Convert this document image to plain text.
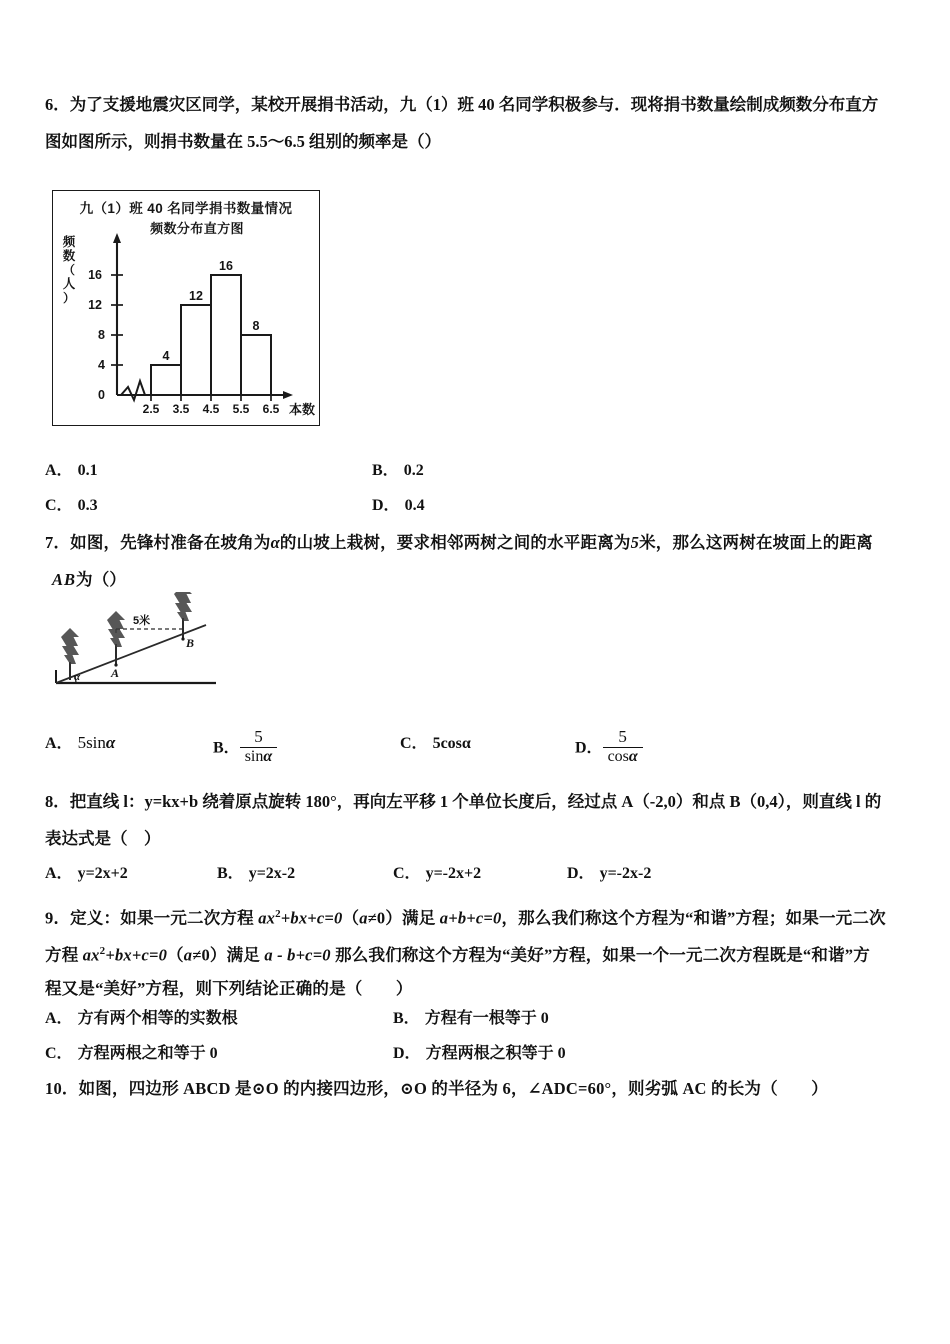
6．为了支援地震灾区同学，某校开展捐书活动，九（1）班 40 名同学积极参与．现将捐书数量绘制成频数分布直方

图如图所示，则捐书数量在 5.5～6.5 组别的频率是（）

九（1）班 40 名同学捐书数量情况
频数分布直方图
频
数
（
人
）
0
4
8
12
16
2.5	3.5	4.5	5.5	6.5 本数
4
12
16
8
A． 0.1	B． 0.2
C． 0.3	D． 0.4
7．如图，先锋村准备在坡角为α的山坡上栽树，要求相邻两树之间的水平距离为5米，那么这两树在坡面上的距离
AB为（）
A
B
α
5米
A． 5sinα	B． $\frac{5}{\sin\alpha}$	C． 5cosα	D． $\frac{5}{\cos\alpha}$

8．把直线 l：y=kx+b 绕着原点旋转 180°，再向左平移 1 个单位长度后，经过点 A（-2,0）和点 B（0,4），则直线 l 的

表达式是（　）

A． y=2x+2	B． y=2x-2	C． y=-2x+2	D． y=-2x-2
9．定义：如果一元二次方程 $ax^2+bx+c=0(a\ne 0)$满足 a+b+c=0，那么我们称这个方程为“和谐”方程；如果一元二次
方程 $ax^2+bx+c=0(a\ne 0)$满足 a - b+c=0 那么我们称这个方程为“美好”方程，如果一个一元二次方程既是“和谐”方
程又是“美好”方程，则下列结论正确的是（　　）
A． 方有两个相等的实数根	B． 方程有一根等于 0
C． 方程两根之和等于 0	D． 方程两根之积等于 0
10．如图，四边形 ABCD 是⊙O 的内接四边形，⊙O 的半径为 6，∠ADC=60°，则劣弧 AC 的长为（　　）
